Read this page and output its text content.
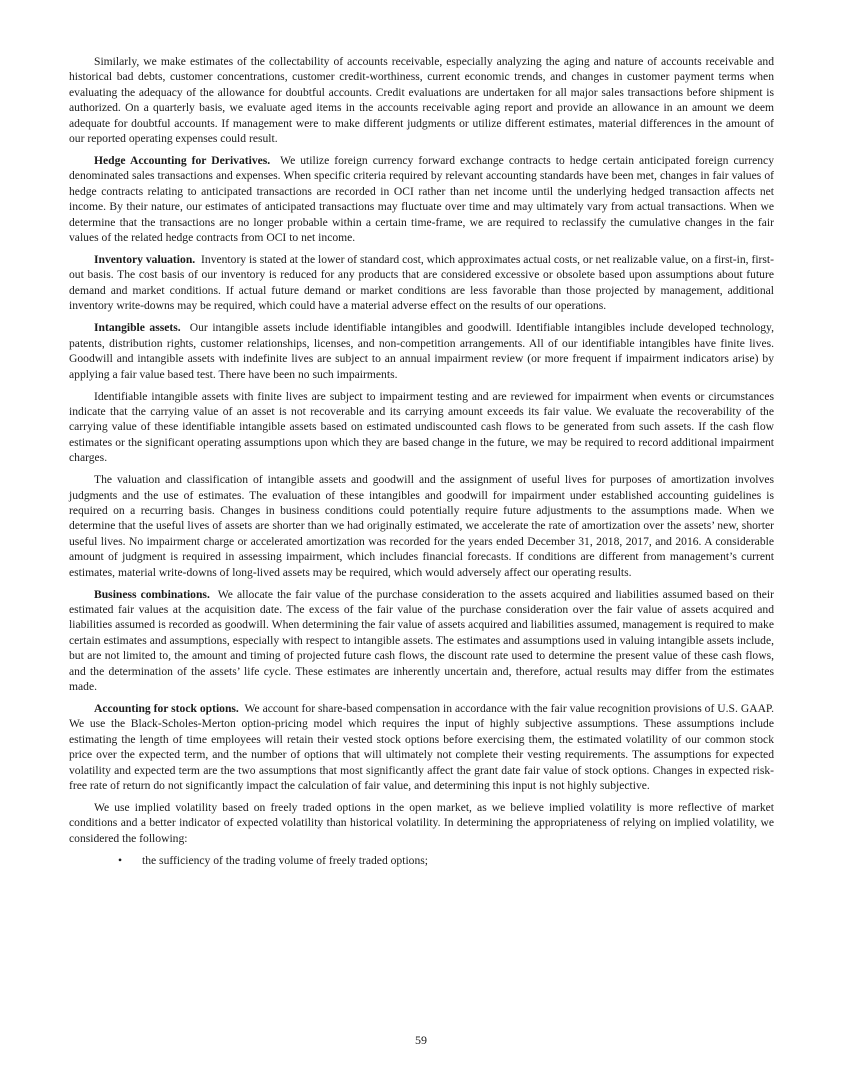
Similarly, we make estimates of the collectability of accounts receivable, especially analyzing the aging and nature of accounts receivable and historical bad debts, customer concentrations, customer credit-worthiness, current economic trends, and changes in customer payment terms when evaluating the adequacy of the allowance for doubtful accounts. Credit evaluations are undertaken for all major sales transactions before shipment is authorized. On a quarterly basis, we evaluate aged items in the accounts receivable aging report and provide an allowance in an amount we deem adequate for doubtful accounts. If management were to make different judgments or utilize different estimates, material differences in the amount of our reported operating expenses could result.

Hedge Accounting for Derivatives. We utilize foreign currency forward exchange contracts to hedge certain anticipated foreign currency denominated sales transactions and expenses. When specific criteria required by relevant accounting standards have been met, changes in fair values of hedge contracts relating to anticipated transactions are recorded in OCI rather than net income until the underlying hedged transaction affects net income. By their nature, our estimates of anticipated transactions may fluctuate over time and may ultimately vary from actual transactions. When we determine that the transactions are no longer probable within a certain time-frame, we are required to reclassify the cumulative changes in the fair values of the related hedge contracts from OCI to net income.

Inventory valuation. Inventory is stated at the lower of standard cost, which approximates actual costs, or net realizable value, on a first-in, first-out basis. The cost basis of our inventory is reduced for any products that are considered excessive or obsolete based upon assumptions about future demand and market conditions. If actual future demand or market conditions are less favorable than those projected by management, additional inventory write-downs may be required, which could have a material adverse effect on the results of our operations.

Intangible assets. Our intangible assets include identifiable intangibles and goodwill. Identifiable intangibles include developed technology, patents, distribution rights, customer relationships, licenses, and non-competition arrangements. All of our identifiable intangibles have finite lives. Goodwill and intangible assets with indefinite lives are subject to an annual impairment review (or more frequent if impairment indicators arise) by applying a fair value based test. There have been no such impairments.

Identifiable intangible assets with finite lives are subject to impairment testing and are reviewed for impairment when events or circumstances indicate that the carrying value of an asset is not recoverable and its carrying amount exceeds its fair value. We evaluate the recoverability of the carrying value of these identifiable intangible assets based on estimated undiscounted cash flows to be generated from such assets. If the cash flow estimates or the significant operating assumptions upon which they are based change in the future, we may be required to record additional impairment charges.

The valuation and classification of intangible assets and goodwill and the assignment of useful lives for purposes of amortization involves judgments and the use of estimates. The evaluation of these intangibles and goodwill for impairment under established accounting guidelines is required on a recurring basis. Changes in business conditions could potentially require future adjustments to the assumptions made. When we determine that the useful lives of assets are shorter than we had originally estimated, we accelerate the rate of amortization over the assets’ new, shorter useful lives. No impairment charge or accelerated amortization was recorded for the years ended December 31, 2018, 2017, and 2016. A considerable amount of judgment is required in assessing impairment, which includes financial forecasts. If conditions are different from management’s current estimates, material write-downs of long-lived assets may be required, which would adversely affect our operating results.

Business combinations. We allocate the fair value of the purchase consideration to the assets acquired and liabilities assumed based on their estimated fair values at the acquisition date. The excess of the fair value of the purchase consideration over the fair value of assets acquired and liabilities assumed is recorded as goodwill. When determining the fair value of assets acquired and liabilities assumed, management is required to make certain estimates and assumptions, especially with respect to intangible assets. The estimates and assumptions used in valuing intangible assets include, but are not limited to, the amount and timing of projected future cash flows, the discount rate used to determine the present value of these cash flows, and the determination of the assets’ life cycle. These estimates are inherently uncertain and, therefore, actual results may differ from the estimates made.

Accounting for stock options. We account for share-based compensation in accordance with the fair value recognition provisions of U.S. GAAP. We use the Black-Scholes-Merton option-pricing model which requires the input of highly subjective assumptions. These assumptions include estimating the length of time employees will retain their vested stock options before exercising them, the estimated volatility of our common stock price over the expected term, and the number of options that will ultimately not complete their vesting requirements. The assumptions for expected volatility and expected term are the two assumptions that most significantly affect the grant date fair value of stock options. Changes in expected risk-free rate of return do not significantly impact the calculation of fair value, and determining this input is not highly subjective.

We use implied volatility based on freely traded options in the open market, as we believe implied volatility is more reflective of market conditions and a better indicator of expected volatility than historical volatility. In determining the appropriateness of relying on implied volatility, we considered the following:

• the sufficiency of the trading volume of freely traded options;
59
